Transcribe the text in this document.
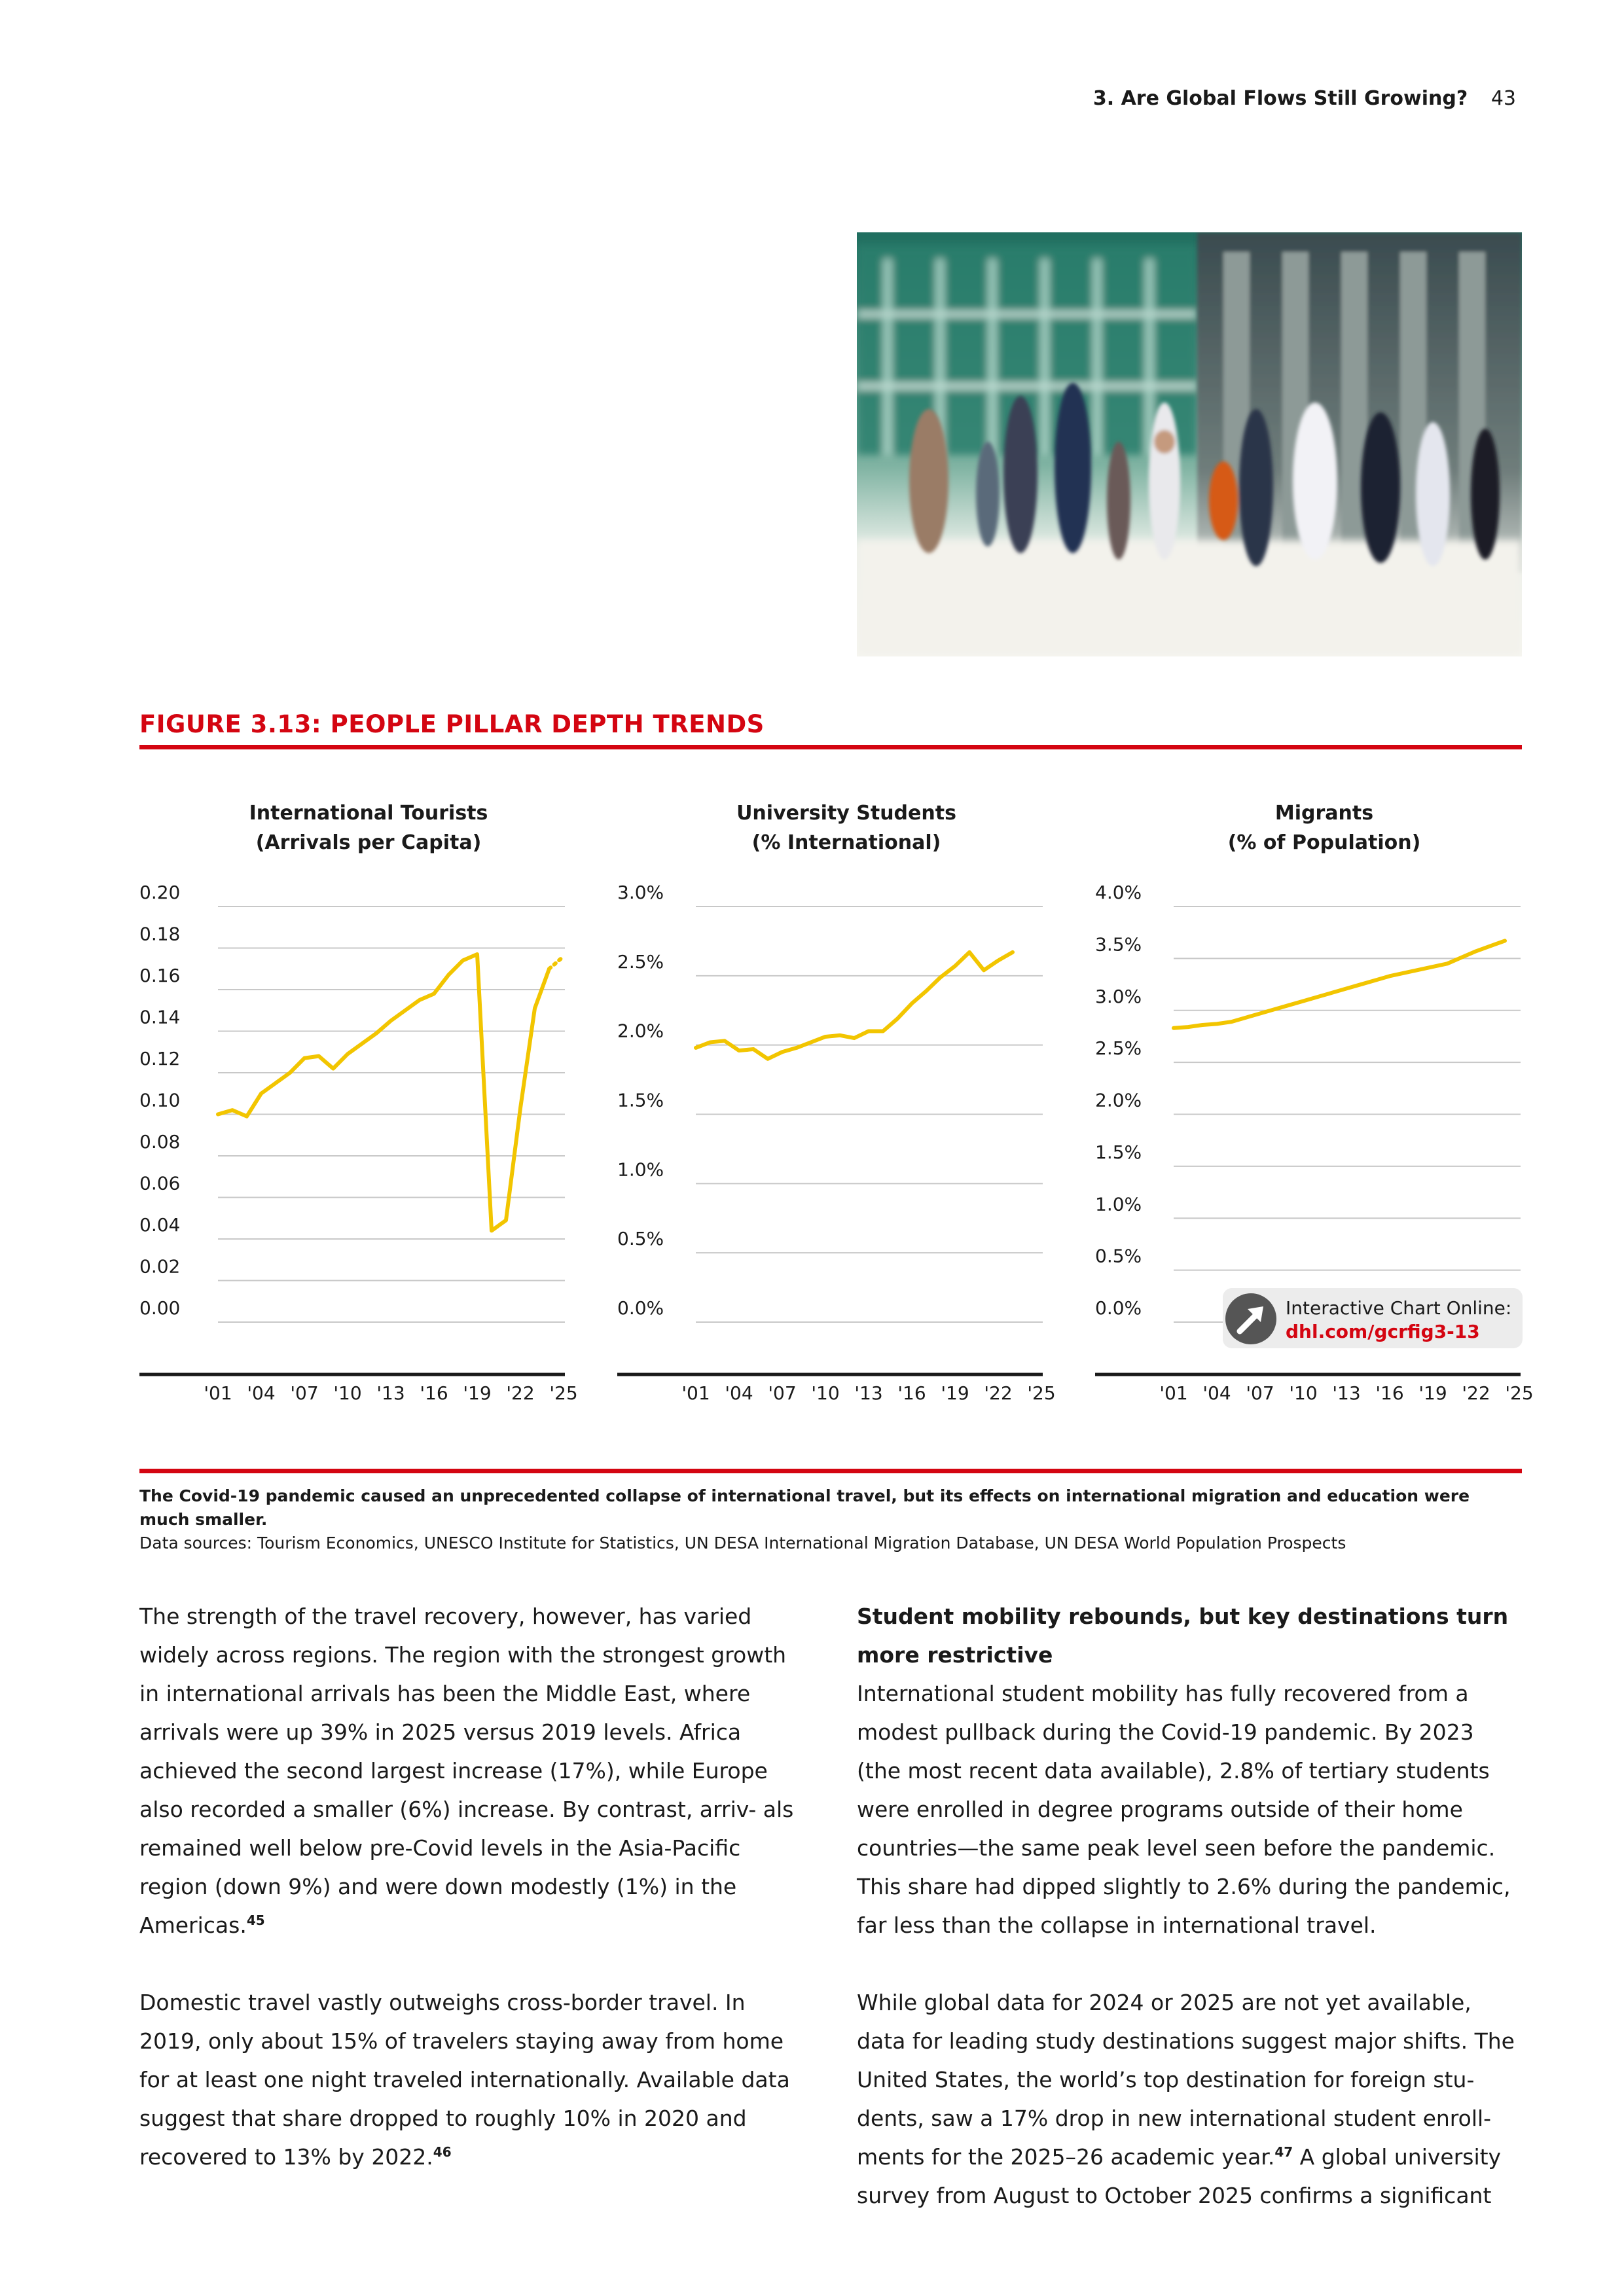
3. Are Global Flows Still Growing? 43
FIGURE 3.13: PEOPLE PILLAR DEPTH TRENDS
International Tourists
(Arrivals per Capita)
0.20
0.18
0.16
0.14
0.12
0.10
0.08
0.06
0.04
0.02
0.00
'01 '04 '07 '10 '13 '16 '19 '22 '25
University Students
(% International)
3.0%
2.5%
2.0%
1.5%
1.0%
0.5%
0.0%
'01 '04 '07 '10 '13 '16 '19 '22 '25
Migrants
(% of Population)
4.0%
3.5%
3.0%
2.5%
2.0%
1.5%
1.0%
0.5%
0.0%
'01 '04 '07 '10 '13 '16 '19 '22 '25
Interactive Chart Online:
dhl.com/gcrfig3-13
The Covid-19 pandemic caused an unprecedented collapse of international travel, but its effects on international migration and education were much smaller.
Data sources: Tourism Economics, UNESCO Institute for Statistics, UN DESA International Migration Database, UN DESA World Population Prospects

The strength of the travel recovery, however, has varied widely across regions. The region with the strongest growth in international arrivals has been the Middle East, where arrivals were up 39% in 2025 versus 2019 levels. Africa achieved the second largest increase (17%), while Europe also recorded a smaller (6%) increase. By contrast, arriv- als remained well below pre-Covid levels in the Asia-Pacific region (down 9%) and were down modestly (1%) in the Americas.$^{45}$

Domestic travel vastly outweighs cross-border travel. In 2019, only about 15% of travelers staying away from home for at least one night traveled internationally. Available data suggest that share dropped to roughly 10% in 2020 and recovered to 13% by 2022.46

Student mobility rebounds, but key destinations turn more restrictive

International student mobility has fully recovered from a modest pullback during the Covid-19 pandemic. By 2023 (the most recent data available), 2.8% of tertiary students were enrolled in degree programs outside of their home countries—the same peak level seen before the pandemic. This share had dipped slightly to 2.6% during the pandemic, far less than the collapse in international travel.

While global data for 2024 or 2025 are not yet available, data for leading study destinations suggest major shifts. The United States, the world’s top destination for foreign stu- dents, saw a 17% drop in new international student enroll- ments for the 2025–26 academic year.$^{47}$ A global university survey from August to October 2025 confirms a significant
